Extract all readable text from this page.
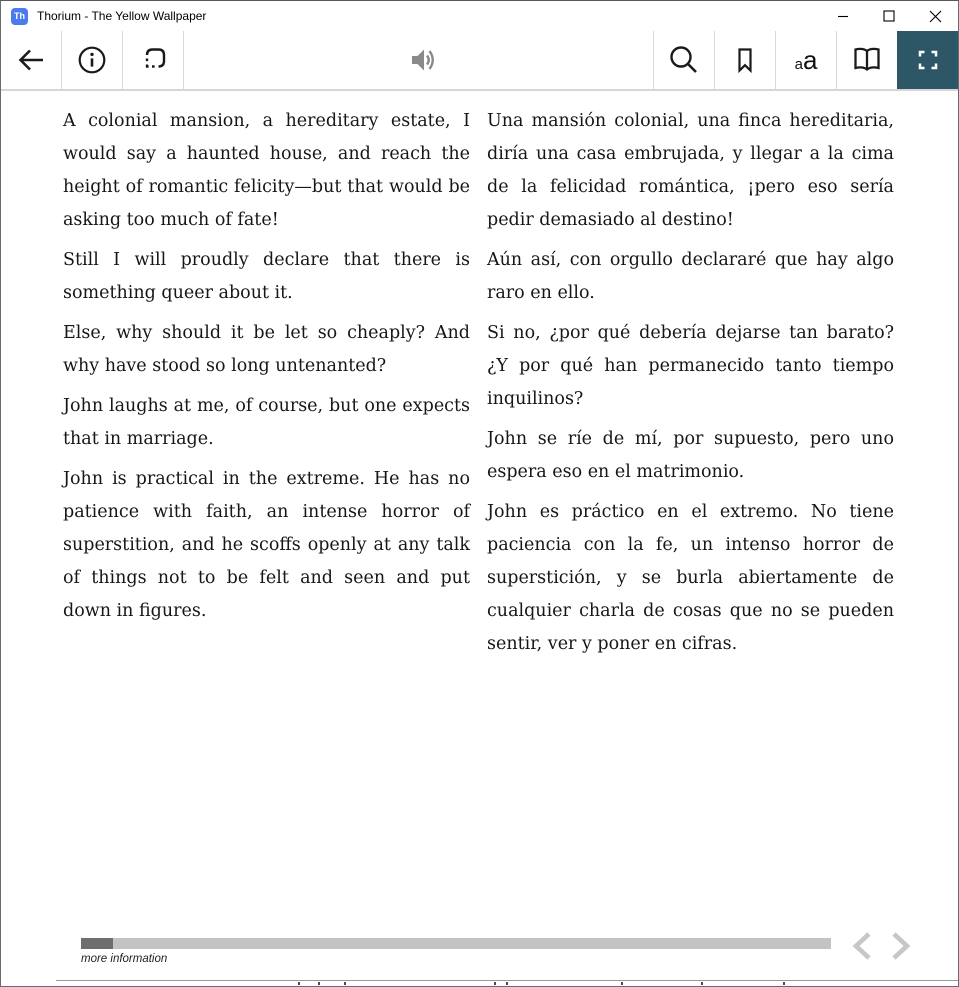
Th Thorium - The Yellow Wallpaper
aa

A colonial mansion, a hereditary estate, I would say a haunted house, and reach the height of romantic felicity—but that would be asking too much of fate!

Still I will proudly declare that there is something queer about it.

Else, why should it be let so cheaply? And why have stood so long untenanted?

John laughs at me, of course, but one expects that in marriage.

John is practical in the extreme. He has no patience with faith, an intense horror of superstition, and he scoffs openly at any talk of things not to be felt and seen and put down in figures.

Una mansión colonial, una finca hereditaria, diría una casa embrujada, y llegar a la cima de la felicidad romántica, ¡pero eso sería pedir demasiado al destino!

Aún así, con orgullo declararé que hay algo raro en ello.

Si no, ¿por qué debería dejarse tan barato? ¿Y por qué han permanecido tanto tiempo inquilinos?

John se ríe de mí, por supuesto, pero uno espera eso en el matrimonio.

John es práctico en el extremo. No tiene paciencia con la fe, un intenso horror de superstición, y se burla abiertamente de cualquier charla de cosas que no se pueden sentir, ver y poner en cifras.

more information
